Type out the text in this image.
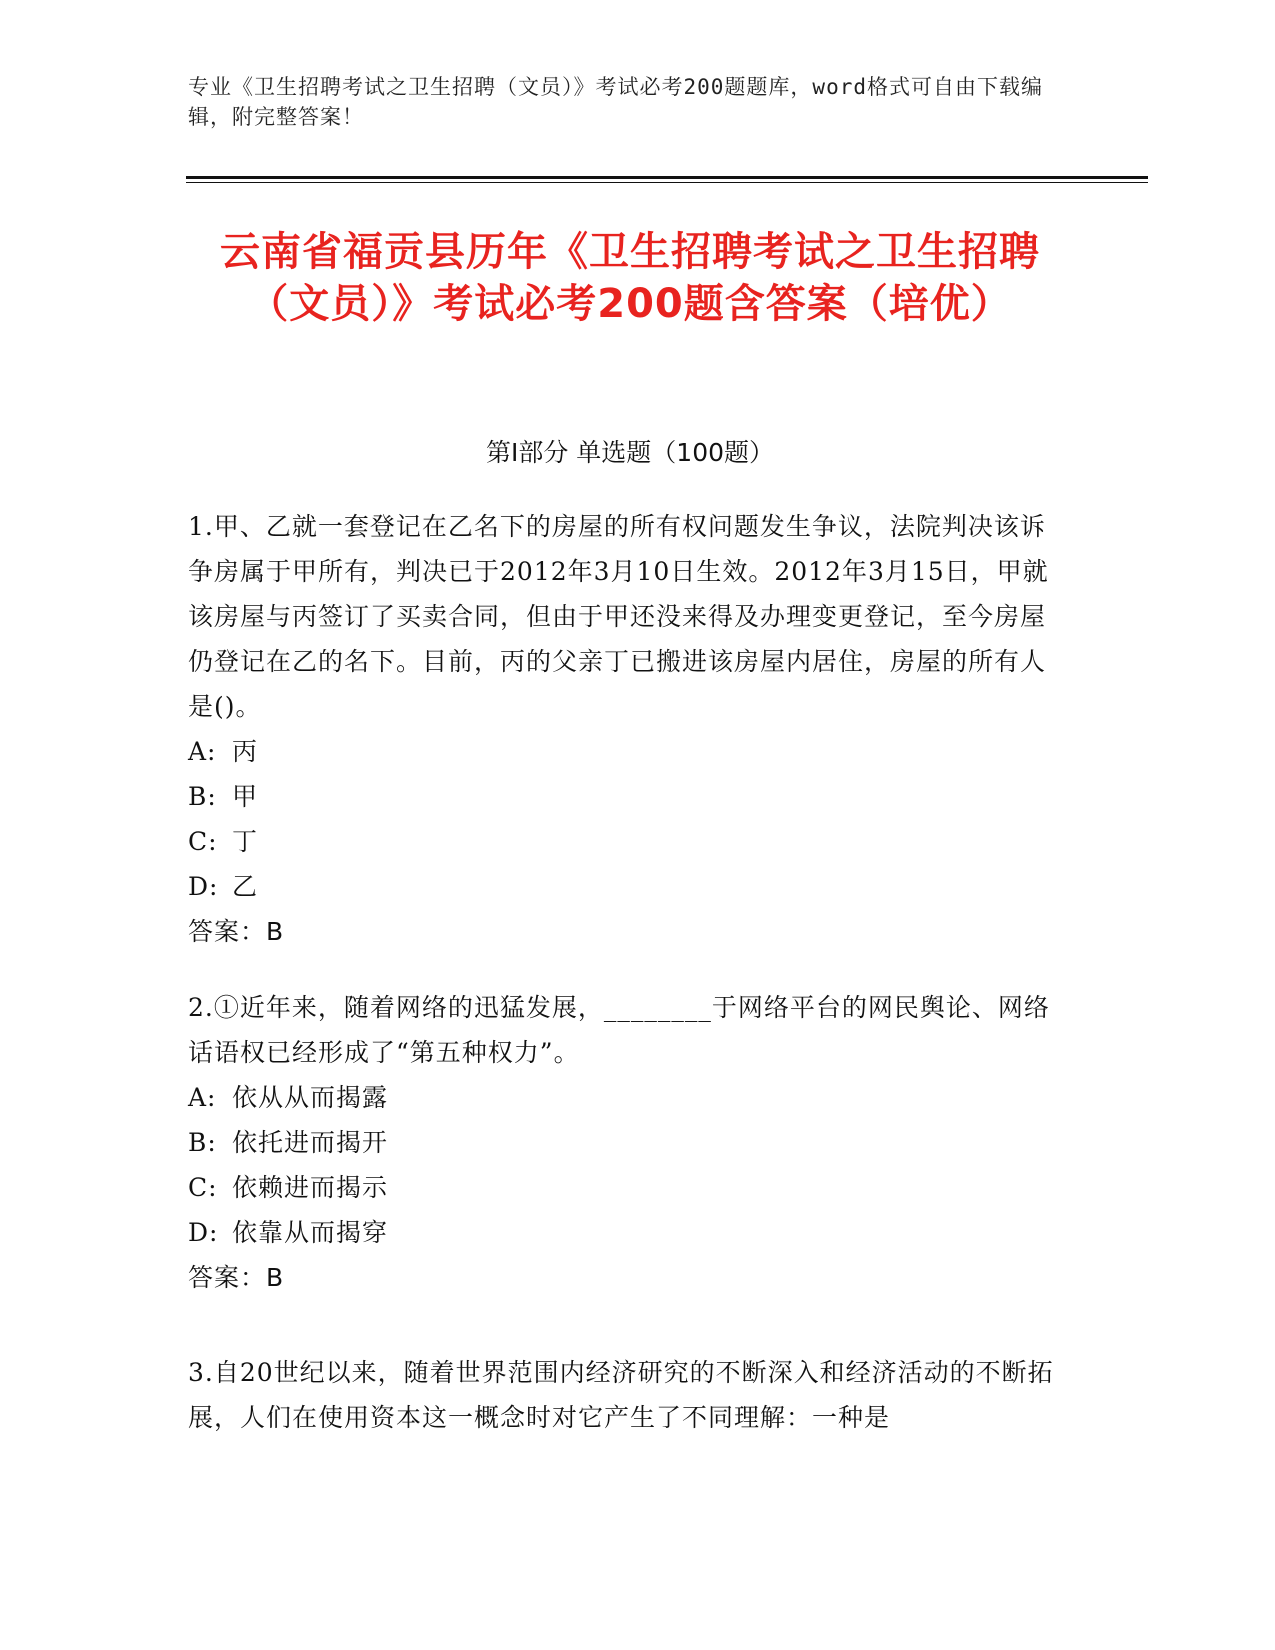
专业《卫生招聘考试之卫生招聘（文员）》考试必考200题题库，word格式可自由下载编辑，附完整答案！
云南省福贡县历年《卫生招聘考试之卫生招聘（文员）》考试必考200题含答案（培优）
第Ⅰ部分 单选题（100题）

1.甲、乙就一套登记在乙名下的房屋的所有权问题发生争议，法院判决该诉争房属于甲所有，判决已于2012年3月10日生效。2012年3月15日，甲就该房屋与丙签订了买卖合同，但由于甲还没来得及办理变更登记，至今房屋仍登记在乙的名下。目前，丙的父亲丁已搬进该房屋内居住，房屋的所有人是()。

A: 丙
B: 甲
C: 丁
D: 乙
答案：B

2.①近年来，随着网络的迅猛发展，________于网络平台的网民舆论、网络话语权已经形成了“第五种权力”。

A: 依从从而揭露
B: 依托进而揭开
C: 依赖进而揭示
D: 依靠从而揭穿
答案：B

3.自20世纪以来，随着世界范围内经济研究的不断深入和经济活动的不断拓展，人们在使用资本这一概念时对它产生了不同理解：一种是
